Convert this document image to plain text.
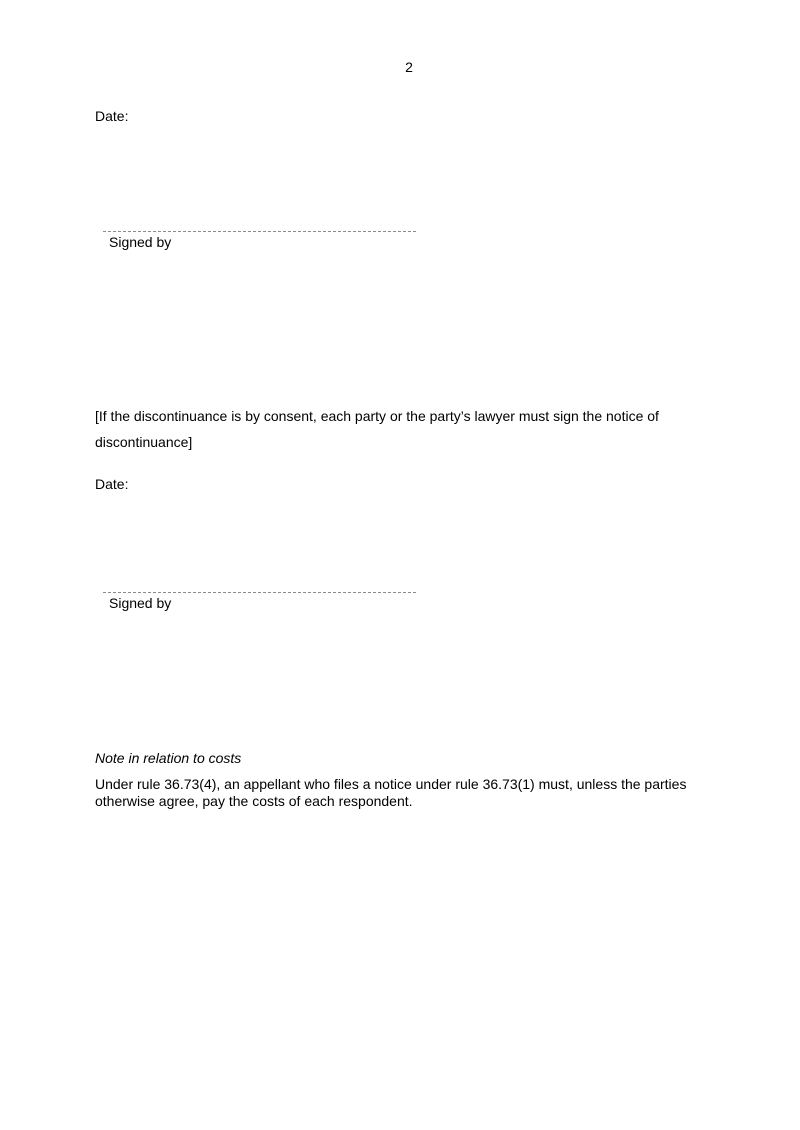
2
Date:
Signed by
[If the discontinuance is by consent, each party or the party’s lawyer must sign the notice of discontinuance]
Date:
Signed by
Note in relation to costs
Under rule 36.73(4), an appellant who files a notice under rule 36.73(1) must, unless the parties otherwise agree, pay the costs of each respondent.
